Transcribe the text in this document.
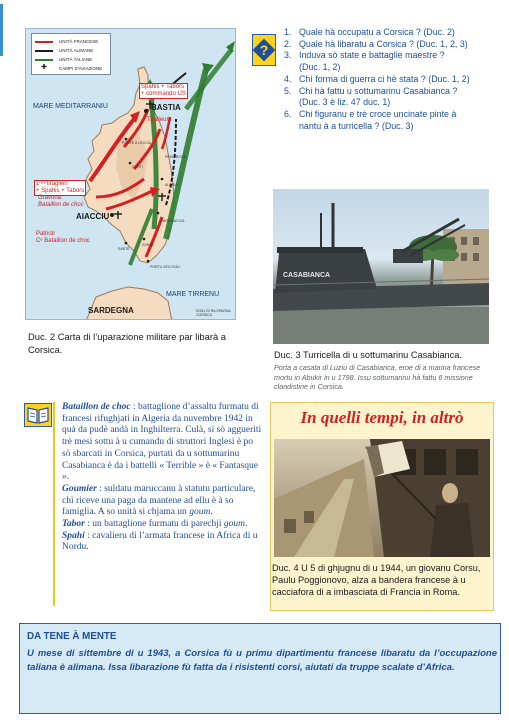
UNITÀ FRANCESE
UNITÀ ALIMANE
UNITÀ TALIANE
✚	CAMPI D'AVIAZIONE
Spahis + Tabors
+ commando US
MARE MEDITARRANIU	BASTIA
Tiralleurs
PONTE À LECCIA
CORTI
PEDICROCE
ALERIA
GHISONACCIA
1ʳᵉˢ tiraglieri
+ Spahis + Tabors
Gravona
Bataillon de choc
AIACCIU
Patrioti
Cᵉ Bataillon de choc
SARTÈ
ZONZA
PORTU VECCHJU
MARE TIRRENU
SARDEGNA	IGOLI DI RA SPAGNA CORSICA
Duc. 2 Carta di l’uparazione militare par libarà a Corsica.
?
1. Quale hà occupatu a Corsica ? (Duc. 2)
2. Quale hà libaratu a Corsica ? (Duc. 1, 2, 3)
3. Induva sò state e battaglie maestre ?
(Duc. 1, 2)
4. Chì forma di guerra ci hè stata ? (Duc. 1, 2)
5. Chi hà fattu u sottumarinu Casabianca ?
(Duc. 3 è liz. 47 duc. 1)
6. Chi figuranu e trè croce uncinate pinte à
nantu à a turricella ? (Duc. 3)
CASABIANCA
Duc. 3 Turricella di u sottumarinu Casabianca.
Porta a casata di Luziu di Casabianca, eroe di a marina francese mortu in Abukir in u 1798. Issu sottumarinu hà fattu 6 missione clandistine in Corsica.

Bataillon de choc : battaglione d’assaltu furmatu di francesi rifughjati in Algeria da nuvembre 1942 in quà da pudè andà in Inghilterra. Culà, si sò aggueriti trè mesi sottu à u cumandu di struttori Inglesi è po sò sbarcati in Corsica, purtati da u sottumarinu Casabianca è da i battelli « Terrible » è « Fantasque ».

Goumier : suldatu maruccanu à statutu particulare, chì riceve una paga da mantene ad ellu è à so famiglia. A so unità si chjama un goum.

Tabor : un battaglione furmatu di parechji goum.

Spahi : cavalieru di l’armata francese in Africa di u Nordu.

In quelli tempi, in altrò
Duc. 4 U 5 di ghjugnu di u 1944, un giovanu Corsu, Paulu Poggionovo, alza a bandera francese à u cacciafora di a imbasciata di Francia in Roma.
DA TENE À MENTE
U mese di sittembre di u 1943, a Corsica fù u primu dipartimentu francese libaratu da l’occupazione taliana è alimana. Issa libarazione fù fatta da i risistenti corsi, aiutati da truppe scalate d’Africa.
